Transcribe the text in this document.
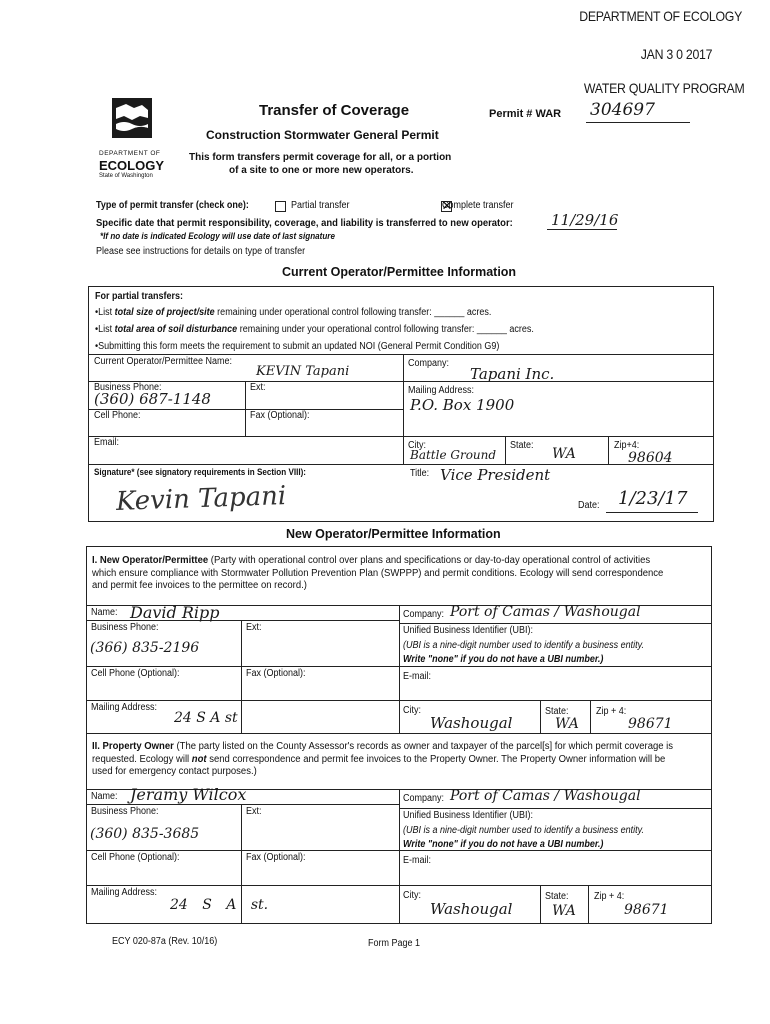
DEPARTMENT OF ECOLOGY
JAN 3 0 2017
WATER QUALITY PROGRAM
DEPARTMENT OF
ECOLOGY
State of Washington
Transfer of Coverage	Permit # WAR 304697
Construction Stormwater General Permit
This form transfers permit coverage for all, or a portion
of a site to one or more new operators.
Type of permit transfer (check one):
	Partial transfer
✕	Complete transfer
Specific date that permit responsibility, coverage, and liability is transferred to new operator:	11/29/16
*If no date is indicated Ecology will use date of last signature
Please see instructions for details on type of transfer
Current Operator/Permittee Information
For partial transfers:
•List total size of project/site remaining under operational control following transfer: ______ acres.
•List total area of soil disturbance remaining under your operational control following transfer: ______ acres.
•Submitting this form meets the requirement to submit an updated NOI (General Permit Condition G9)
Current Operator/Permittee Name:
KEVIN Tapani
Company:
Tapani Inc.
Business Phone:	Ext:
(360) 687-1148	Mailing Address:
P.O. Box 1900
Cell Phone:	Fax (Optional):
Email:	City:
Battle Ground
State:
WA
Zip+4:
98604
Signature* (see signatory requirements in Section VIII):
Kevin Tapani
Title: Vice President
Date: 1/23/17
New Operator/Permittee Information
I. New Operator/Permittee (Party with operational control over plans and specifications or day-to-day operational control of activities which ensure compliance with Stormwater Pollution Prevention Plan (SWPPP) and permit conditions. Ecology will send correspondence and permit fee invoices to the permittee on record.)
Name: David Ripp	Company: Port of Camas / Washougal
Business Phone:	Ext:
(366) 835-2196
Unified Business Identifier (UBI):
(UBI is a nine-digit number used to identify a business entity.
Write "none" if you do not have a UBI number.)
Cell Phone (Optional):	Fax (Optional):	E-mail:
Mailing Address:
24 S A st	City:
Washougal
State:
WA
Zip + 4:
98671
II. Property Owner (The party listed on the County Assessor's records as owner and taxpayer of the parcel[s] for which permit coverage is requested. Ecology will not send correspondence and permit fee invoices to the Property Owner. The Property Owner information will be used for emergency contact purposes.)
Name: Jeramy Wilcox	Company: Port of Camas / Washougal
Business Phone:	Ext:
(360) 835-3685
Unified Business Identifier (UBI):
(UBI is a nine-digit number used to identify a business entity.
Write "none" if you do not have a UBI number.)
Cell Phone (Optional):	Fax (Optional):	E-mail:
Mailing Address:
24 S A st.
City:
Washougal
State:
WA
Zip + 4:
98671
ECY 020-87a (Rev. 10/16)	Form Page 1
